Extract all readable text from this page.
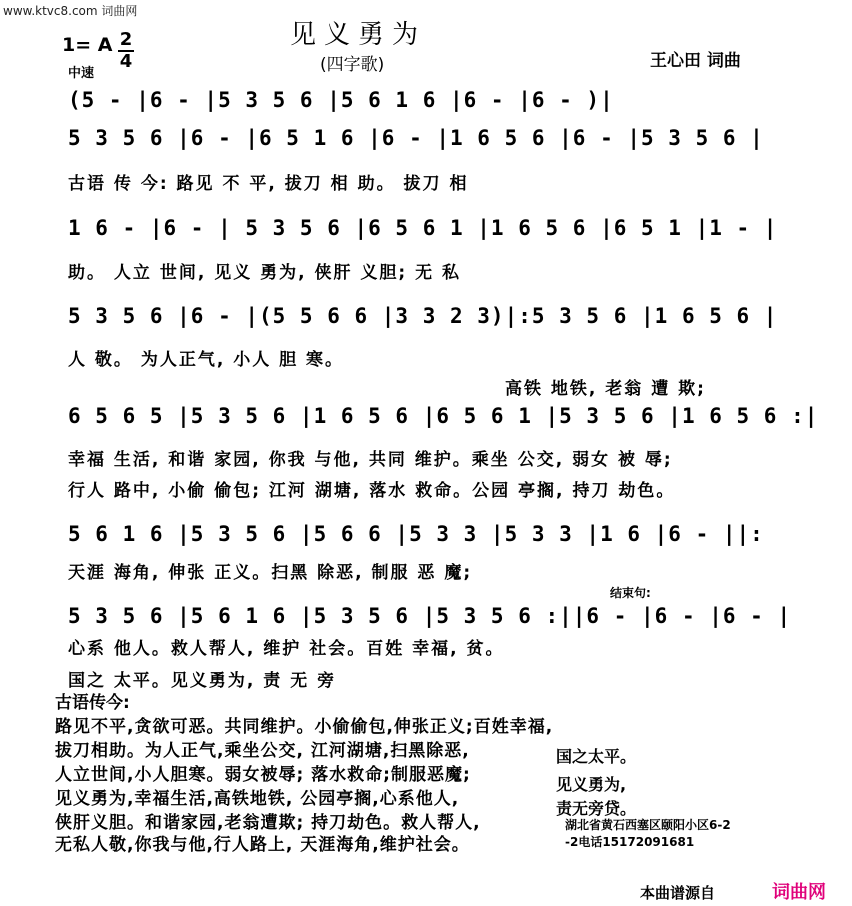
www.ktvc8.com 词曲网
见义勇为
(四字歌)	王心田 词曲
1= A 2
4
中速
(5 - |6 - |5 3 5 6 |5 6 1 6 |6 - |6 - )|
5 3 5 6 |6 - |6 5 1 6 |6 - |1 6 5 6 |6 - |5 3 5 6 |
古语 传 今: 路见 不 平, 拔刀 相 助。 拔刀 相
1 6 - |6 - | 5 3 5 6 |6 5 6 1 |1 6 5 6 |6 5 1 |1 - |
助。 人立 世间, 见义 勇为, 侠肝 义胆; 无 私
5 3 5 6 |6 - |(5 5 6 6 |3 3 2 3)|:5 3 5 6 |1 6 5 6 |
人 敬。 为人正气, 小人 胆 寒。
高铁 地铁, 老翁 遭 欺;
6 5 6 5 |5 3 5 6 |1 6 5 6 |6 5 6 1 |5 3 5 6 |1 6 5 6 :|
幸福 生活, 和谐 家园, 你我 与他, 共同 维护。乘坐 公交, 弱女 被 辱;
行人 路中, 小偷 偷包; 江河 湖塘, 落水 救命。公园 亭搁, 持刀 劫色。
5 6 1 6 |5 3 5 6 |5 6 6 |5 3 3 |5 3 3 |1 6 |6 - ||:
天涯 海角, 伸张 正义。扫黑 除恶, 制服 恶 魔;
结束句:
5 3 5 6 |5 6 1 6 |5 3 5 6 |5 3 5 6 :||6 - |6 - |6 - |
心系 他人。救人帮人, 维护 社会。百姓 幸福, 贫。
国之 太平。见义勇为, 责 无 旁
古语传今:
路见不平,贪欲可恶。共同维护。小偷偷包,伸张正义;百姓幸福,
拔刀相助。为人正气,乘坐公交, 江河湖塘,扫黑除恶,
人立世间,小人胆寒。弱女被辱; 落水救命;制服恶魔;
见义勇为,幸福生活,高铁地铁, 公园亭搁,心系他人,
侠肝义胆。和谐家园,老翁遭欺; 持刀劫色。救人帮人,
无私人敬,你我与他,行人路上, 天涯海角,维护社会。
国之太平。
见义勇为,
责无旁贷。
湖北省黄石西塞区颐阳小区6-2
-2电话15172091681
本曲谱源自	词曲网
